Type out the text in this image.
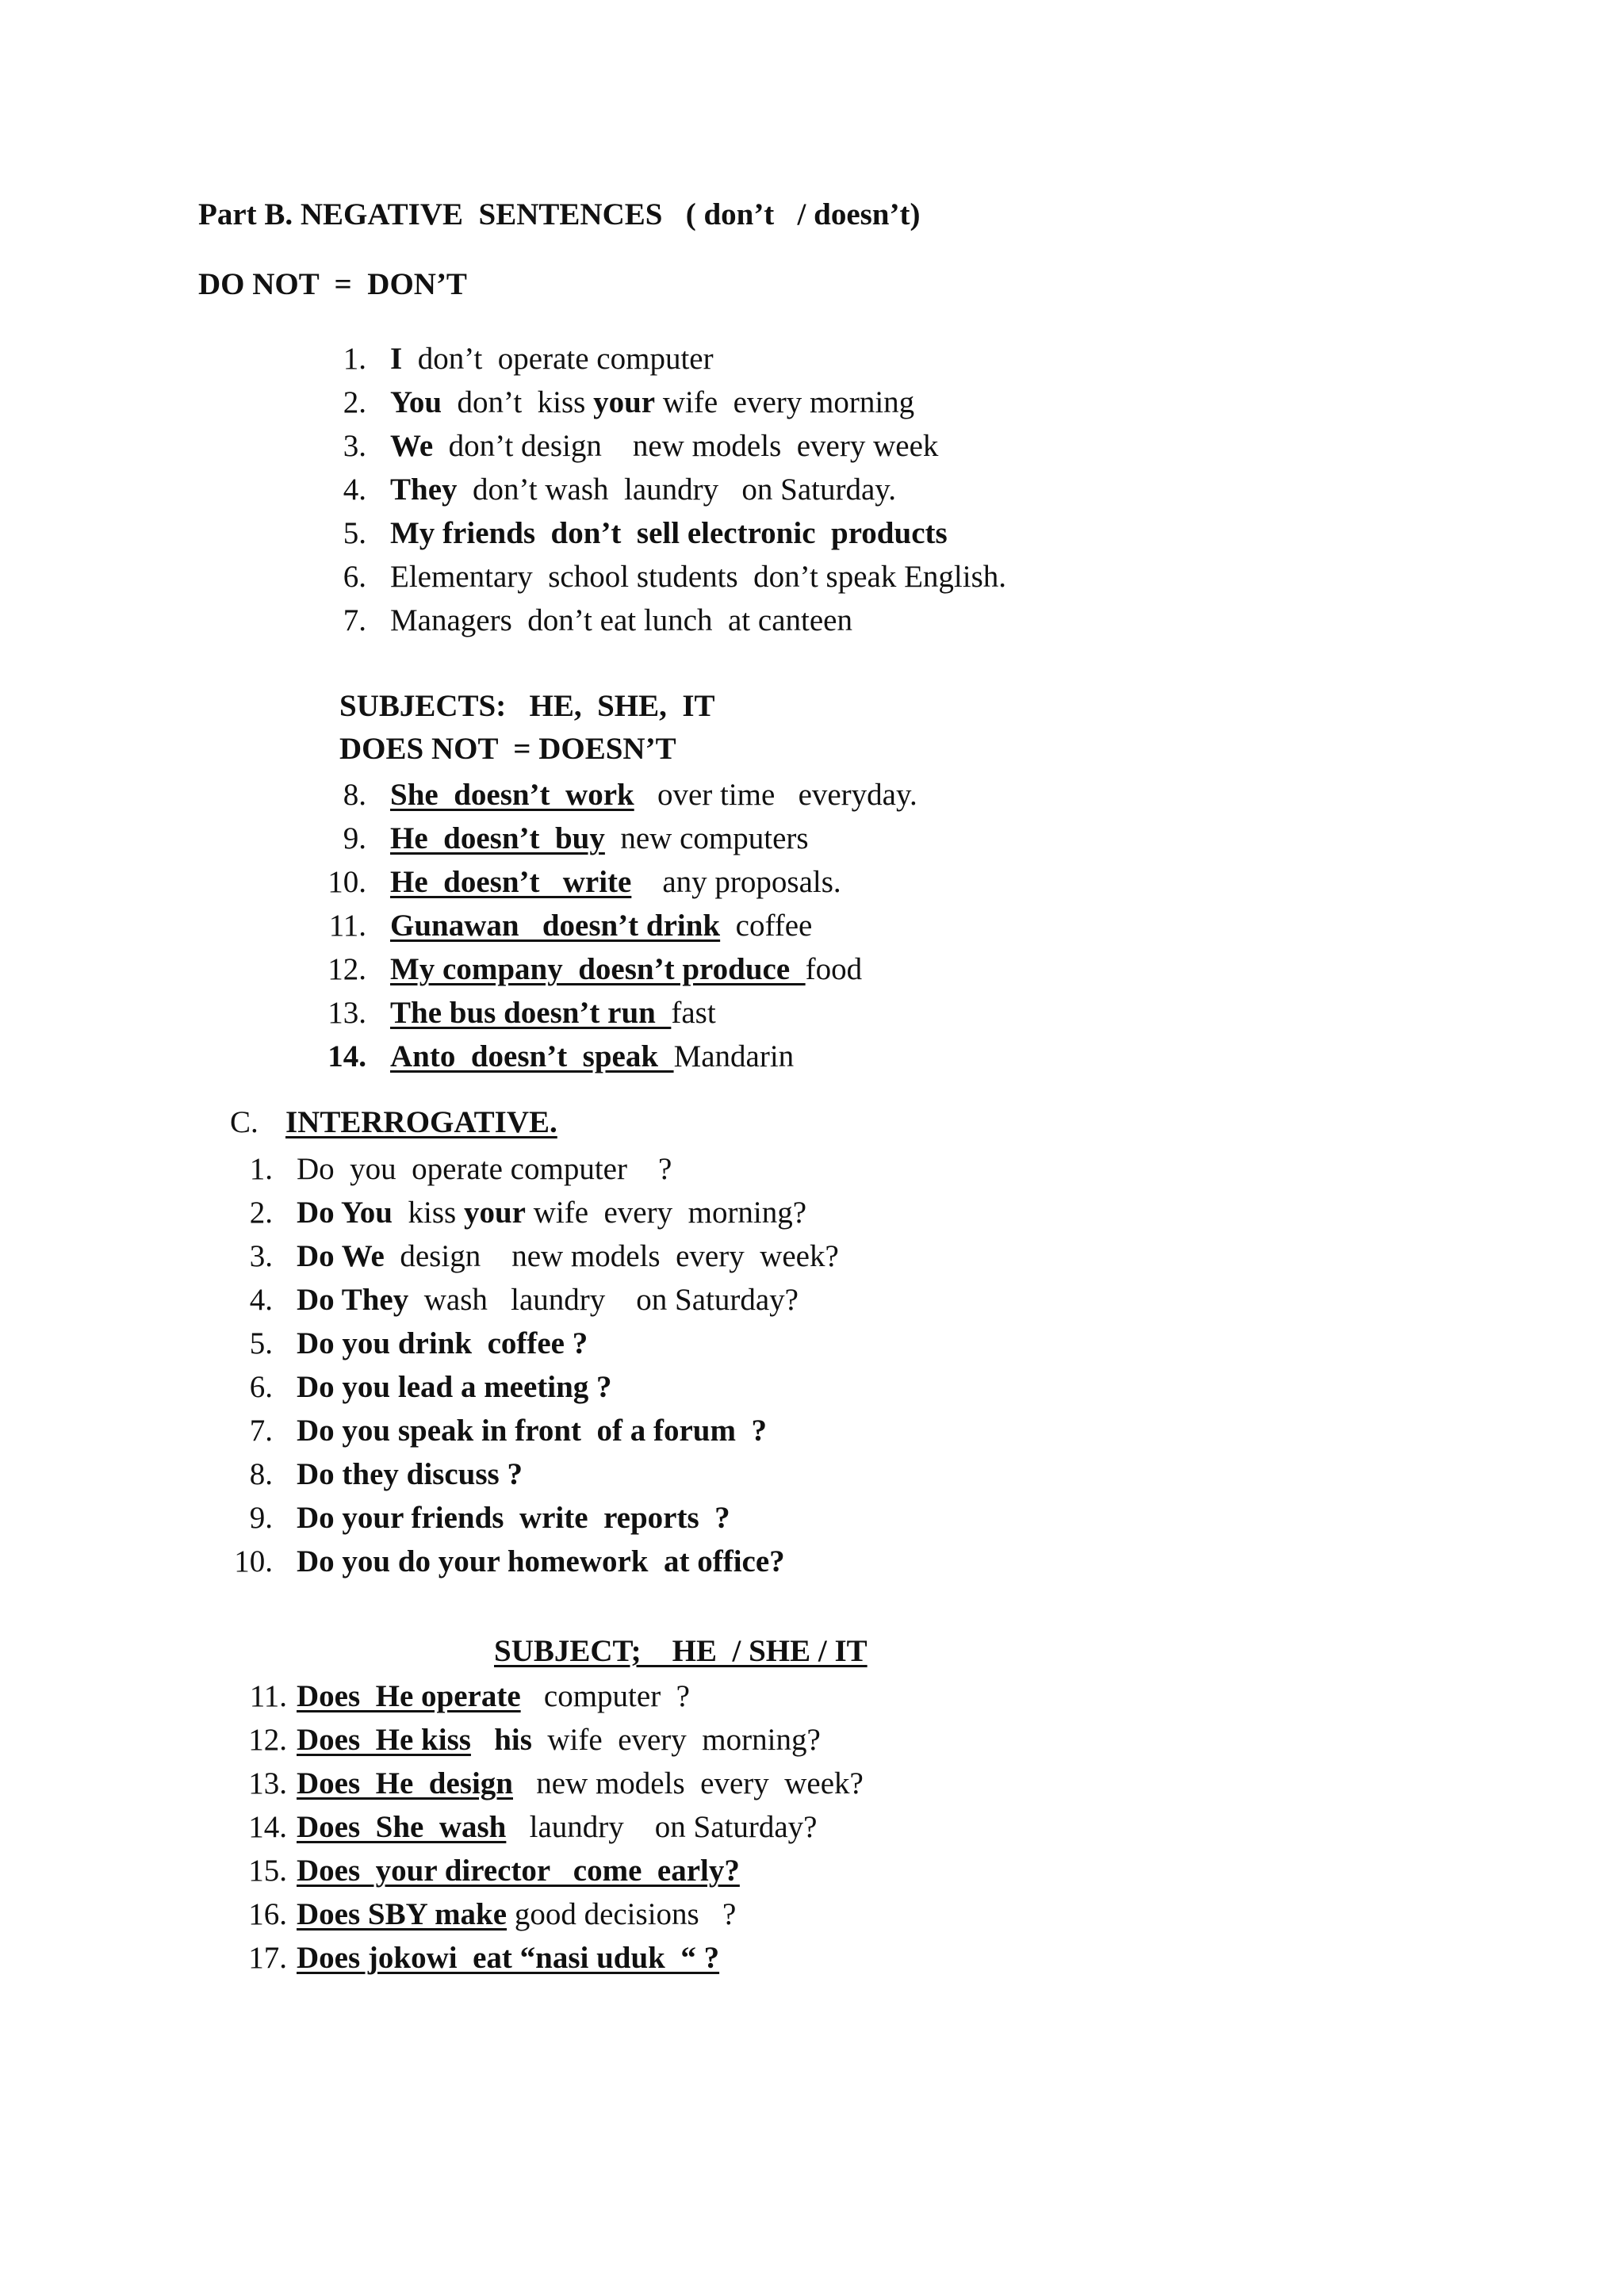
Part B. NEGATIVE  SENTENCES   ( don’t   / doesn’t)
DO NOT  =  DON’T
1. I  don’t  operate computer
2. You  don’t  kiss your wife  every morning
3. We  don’t design    new models  every week
4. They  don’t wash  laundry   on Saturday.
5. My friends  don’t  sell electronic  products
6. Elementary  school students  don’t speak English.
7. Managers  don’t eat lunch  at canteen
SUBJECTS:   HE,  SHE,  IT
DOES NOT  = DOESN’T
8. She  doesn’t  work   over time   everyday.
9. He  doesn’t  buy  new computers
10. He  doesn’t   write    any proposals.
11. Gunawan   doesn’t drink  coffee
12. My company  doesn’t produce  food
13. The bus doesn’t run  fast
14. Anto  doesn’t  speak  Mandarin
C. INTERROGATIVE.
1. Do  you  operate computer    ?
2. Do You  kiss your wife  every  morning?
3. Do We  design    new models  every  week?
4. Do They  wash   laundry    on Saturday?
5. Do you drink  coffee ?
6. Do you lead a meeting ?
7. Do you speak in front  of a forum  ?
8. Do they discuss ?
9. Do your friends  write  reports  ?
10. Do you do your homework  at office?
SUBJECT;    HE  / SHE / IT
11. Does  He operate   computer  ?
12. Does  He kiss his  wife  every  morning?
13. Does  He  design   new models  every  week?
14. Does  She  wash   laundry    on Saturday?
15. Does  your director   come  early?
16. Does SBY make good decisions   ?
17. Does jokowi  eat “nasi uduk  “ ?
